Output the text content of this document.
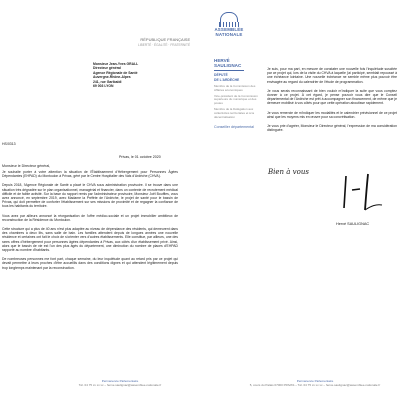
RÉPUBLIQUE FRANÇAISE
LIBERTÉ · ÉGALITÉ · FRATERNITÉ
Monsieur Jean-Yves GRALL
Directeur général
Agence Régionale de Santé
Auvergne-Rhône-Alpes
241, rue Garibaldi
69 003 LYON
HS/0313
Privas, le 01 octobre 2020
Monsieur le Directeur général,

Je souhaite porter à votre attention la situation de l'Établissement d'Hébergement pour Personnes Âgées Dépendantes (EHPAD) du Montoulon à Privas, géré par le Centre Hospitalier des Vals d'Ardèche (CHVA).

Depuis 2018, l'Agence Régionale de Santé a placé le CHVA sous administration provisoire. Il se trouve dans une situation très dégradée sur le plan organisationnel, managérial et financier, dans un contexte de recrutement médical difficile et de faible activité. Sur la base du rapport remis par l'administrateur provisoire, Monsieur Joël Bouffies, vous avez annoncé, en septembre 2019, avec Madame la Préfète de l'Ardèche, le projet de santé pour le bassin de Privas, qui doit permettre de conforter l'établissement sur ses missions de proximité et de regagner la confiance de tous les habitants du territoire.

Vous avez par ailleurs annoncé la réorganisation de l'offre médico-sociale et un projet immobilier ambitieux de reconstruction de la Résidence du Montoulon.

Cette structure qui a plus de 40 ans n'est plus adaptée au niveau de dépendance des résidents, qui demeurent dans des chambres à deux lits, sans salle de bain. Les familles attendent depuis de longues années une nouvelle résidence et certaines ont fait le choix de s'orienter vers d'autres établissements. Elle constitue, par ailleurs, une des rares offres d'hébergement pour personnes âgées dépendantes à Privas, aux côtés d'un établissement privé. Ainsi, alors que le bassin de vie est l'un des plus âgés du département, une diminution du nombre de places d'EHPAD rapporté au nombre d'habitants.

De nombreuses personnes me font part, chaque semaine, du leur inquiétude quant au retard pris par ce projet qui devait permettre à leurs proches d'être accueillis dans des conditions dignes et qui attendent légitimement depuis trop longtemps maintenant par la reconstruction.

Permanence Parlementaire
Tél. 04 75 xx xx xx – herve.saulignac@assemblee-nationale.fr
ASSEMBLÉE
NATIONALE
HERVÉ
SAULIGNAC
DÉPUTÉ
DE L'ARDÈCHE
Membre de la Commission des Affaires économiques
Vice-président de la Commission supérieure du numérique et des postes
Membre de la Délégation aux collectivités territoriales et à la décentralisation
Conseiller départemental

Je suis, pour ma part, en mesure de constater une nouvelle fois l'inquiétude suscitée par ce projet qui, lors de la visite du CHVA à laquelle j'ai participé, semblait repoussé à une échéance lointaine. Une nouvelle échéance ne semble même plus pouvoir être envisagée au regard du calendrier de l'étude de programmation.

Je vous serais reconnaissant de bien vouloir m'indiquer la suite que vous comptez donner à ce projet. À cet égard, je pense pouvoir vous dire que le Conseil départemental de l'Ardèche est prêt à accompagner son financement, de même que je demeure mobilisé à vos côtés pour que cette opération aboutisse rapidement.

Je vous remercie de m'indiquer les modalités et le calendrier prévisionnel de ce projet ainsi que les moyens mis en œuvre pour sa concrétisation.

Je vous prie d'agréer, Monsieur le Directeur général, l'expression de ma considération distinguée.

Bien à vous
Hervé SAULIGNAC
Permanence Parlementaire
5, cours du Palais 07000 PRIVAS – Tél. 04 75 xx xx xx – herve.saulignac@assemblee-nationale.fr
